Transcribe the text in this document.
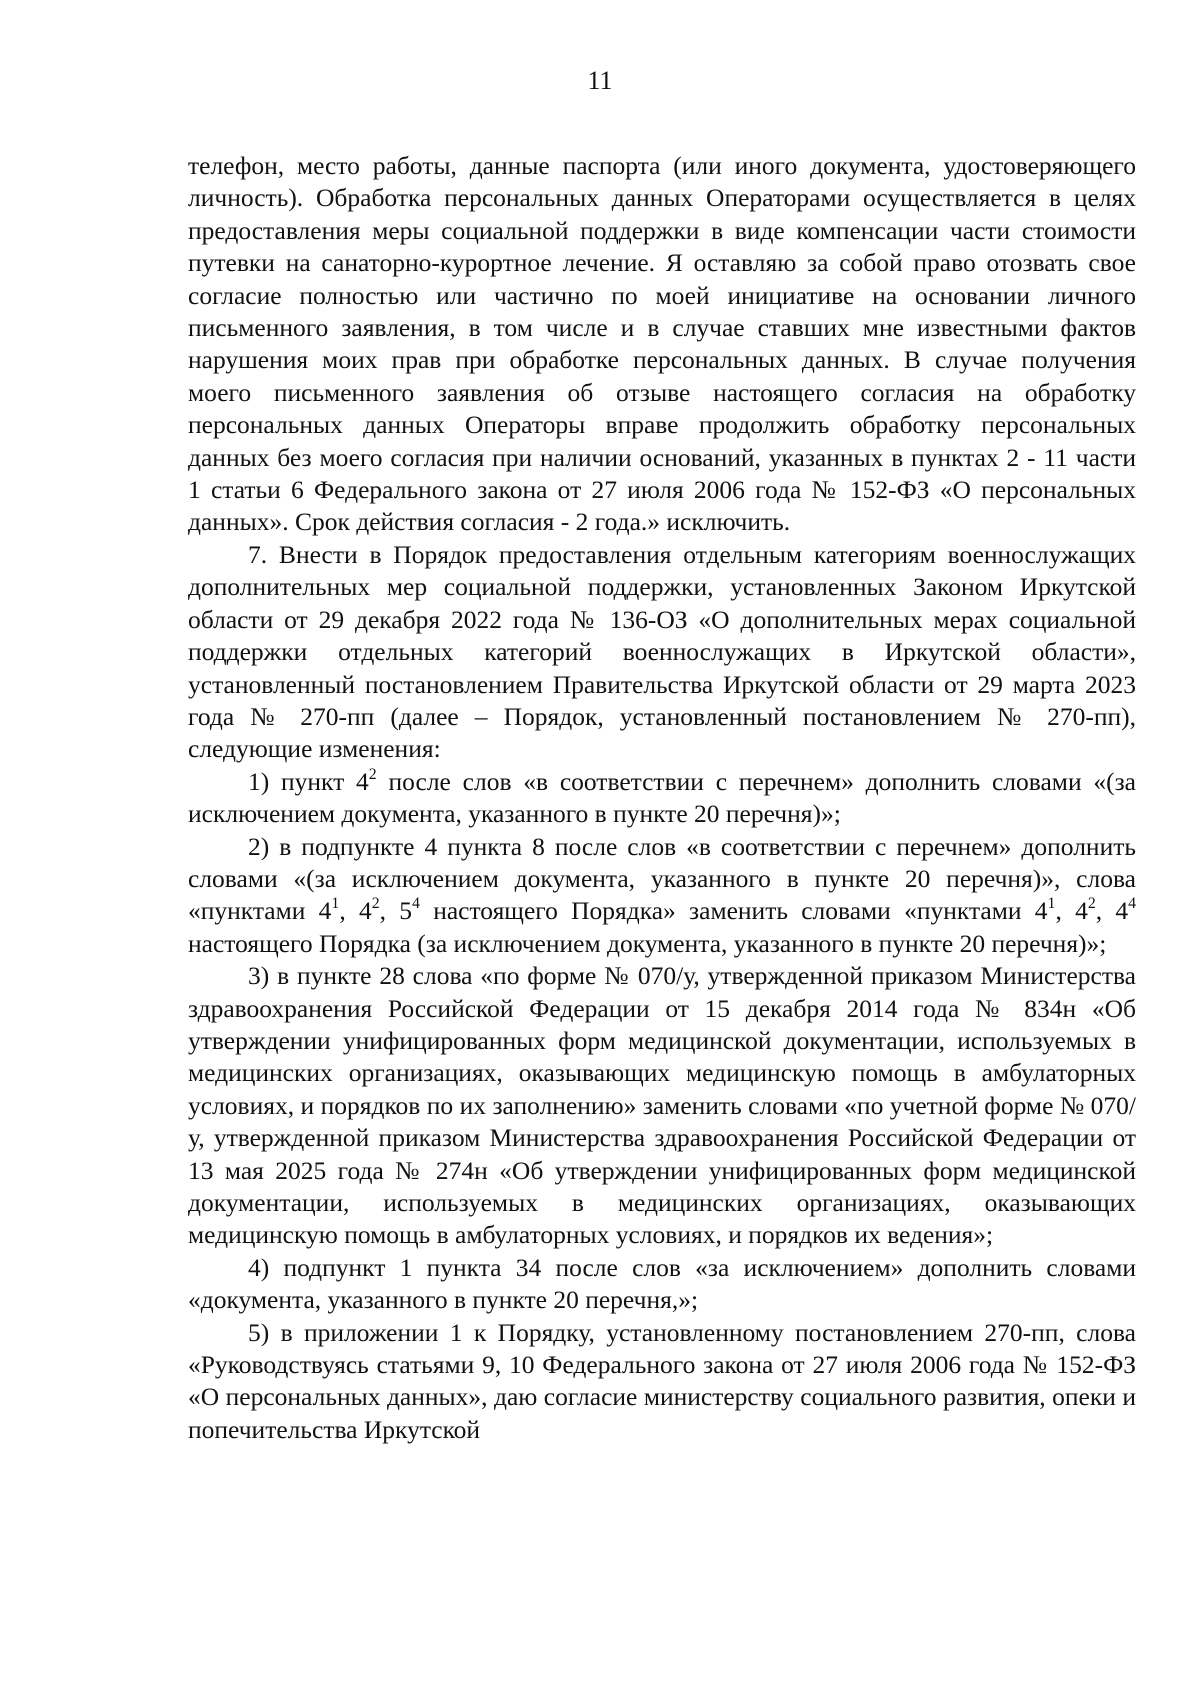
11

телефон, место работы, данные паспорта (или иного документа, удостоверяющего личность). Обработка персональных данных Операторами осуществляется в целях предоставления меры социальной поддержки в виде компенсации части стоимости путевки на санаторно-курортное лечение. Я оставляю за собой право отозвать свое согласие полностью или частично по моей инициативе на основании личного письменного заявления, в том числе и в случае ставших мне известными фактов нарушения моих прав при обработке персональных данных. В случае получения моего письменного заявления об отзыве настоящего согласия на обработку персональных данных Операторы вправе продолжить обработку персональных данных без моего согласия при наличии оснований, указанных в пунктах 2 - 11 части 1 статьи 6 Федерального закона от 27 июля 2006 года № 152-ФЗ «О персональных данных». Срок действия согласия - 2 года.» исключить.

7. Внести в Порядок предоставления отдельным категориям военнослужащих дополнительных мер социальной поддержки, установленных Законом Иркутской области от 29 декабря 2022 года № 136-ОЗ «О дополнительных мерах социальной поддержки отдельных категорий военнослужащих в Иркутской области», установленный постановлением Правительства Иркутской области от 29 марта 2023 года № 270-пп (далее – Порядок, установленный постановлением № 270-пп), следующие изменения:

1) пункт $4^2$ после слов «в соответствии с перечнем» дополнить словами «(за исключением документа, указанного в пункте 20 перечня)»;

2) в подпункте 4 пункта 8 после слов «в соответствии с перечнем» дополнить словами «(за исключением документа, указанного в пункте 20 перечня)», слова «пунктами $4^1$, $4^2$, $5^4$ настоящего Порядка» заменить словами «пунктами $4^1$, $4^2$, $4^4$ настоящего Порядка (за исключением документа, указанного в пункте 20 перечня)»;

3) в пункте 28 слова «по форме № 070/у, утвержденной приказом Министерства здравоохранения Российской Федерации от 15 декабря 2014 года № 834н «Об утверждении унифицированных форм медицинской документации, используемых в медицинских организациях, оказывающих медицинскую помощь в амбулаторных условиях, и порядков по их заполнению» заменить словами «по учетной форме № 070/у, утвержденной приказом Министерства здравоохранения Российской Федерации от 13 мая 2025 года № 274н «Об утверждении унифицированных форм медицинской документации, используемых в медицинских организациях, оказывающих медицинскую помощь в амбулаторных условиях, и порядков их ведения»;

4) подпункт 1 пункта 34 после слов «за исключением» дополнить словами «документа, указанного в пункте 20 перечня,»;

5) в приложении 1 к Порядку, установленному постановлением 270-пп, слова «Руководствуясь статьями 9, 10 Федерального закона от 27 июля 2006 года № 152-ФЗ «О персональных данных», даю согласие министерству социального развития, опеки и попечительства Иркутской
